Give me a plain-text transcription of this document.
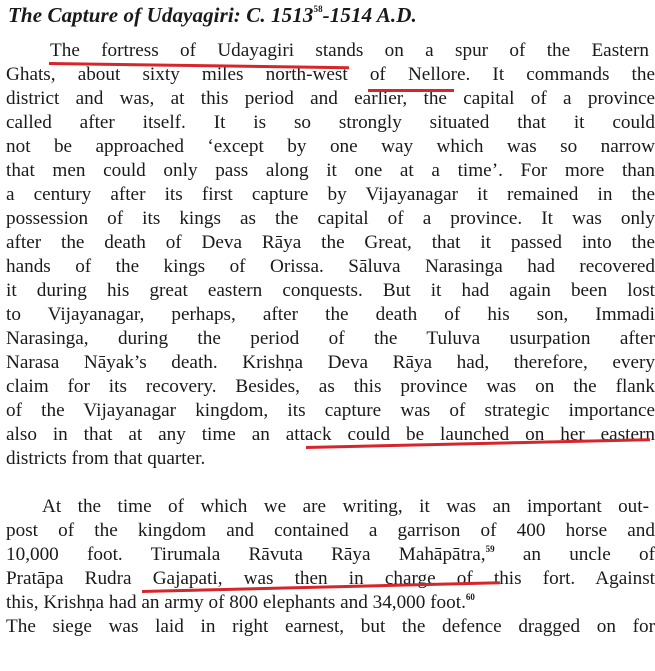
The Capture of Udayagiri: C. 1513$^{58}$-1514 A.D.
The fortress of Udayagiri stands on a spur of the Eastern
Ghats, about sixty miles north-west of Nellore. It commands the
district and was, at this period and earlier, the capital of a province
called after itself. It is so strongly situated that it could
not be approached ‘except by one way which was so narrow
that men could only pass along it one at a time’. For more than
a century after its first capture by Vijayanagar it remained in the
possession of its kings as the capital of a province. It was only
after the death of Deva Rāya the Great, that it passed into the
hands of the kings of Orissa. Sāluva Narasinga had recovered
it during his great eastern conquests. But it had again been lost
to Vijayanagar, perhaps, after the death of his son, Immadi
Narasinga, during the period of the Tuluva usurpation after
Narasa Nāyak’s death. Krishṇa Deva Rāya had, therefore, every
claim for its recovery. Besides, as this province was on the flank
of the Vijayanagar kingdom, its capture was of strategic importance
also in that at any time an attack could be launched on her eastern
districts from that quarter.
At the time of which we are writing, it was an important out-
post of the kingdom and contained a garrison of 400 horse and
10,000 foot. Tirumala Rāvuta Rāya Mahāpātra,$^{59}$ an uncle of
Pratāpa Rudra Gajapati, was then in charge of this fort. Against
this, Krishṇa had an army of 800 elephants and 34,000 foot.$^{60}$
The siege was laid in right earnest, but the defence dragged on for
